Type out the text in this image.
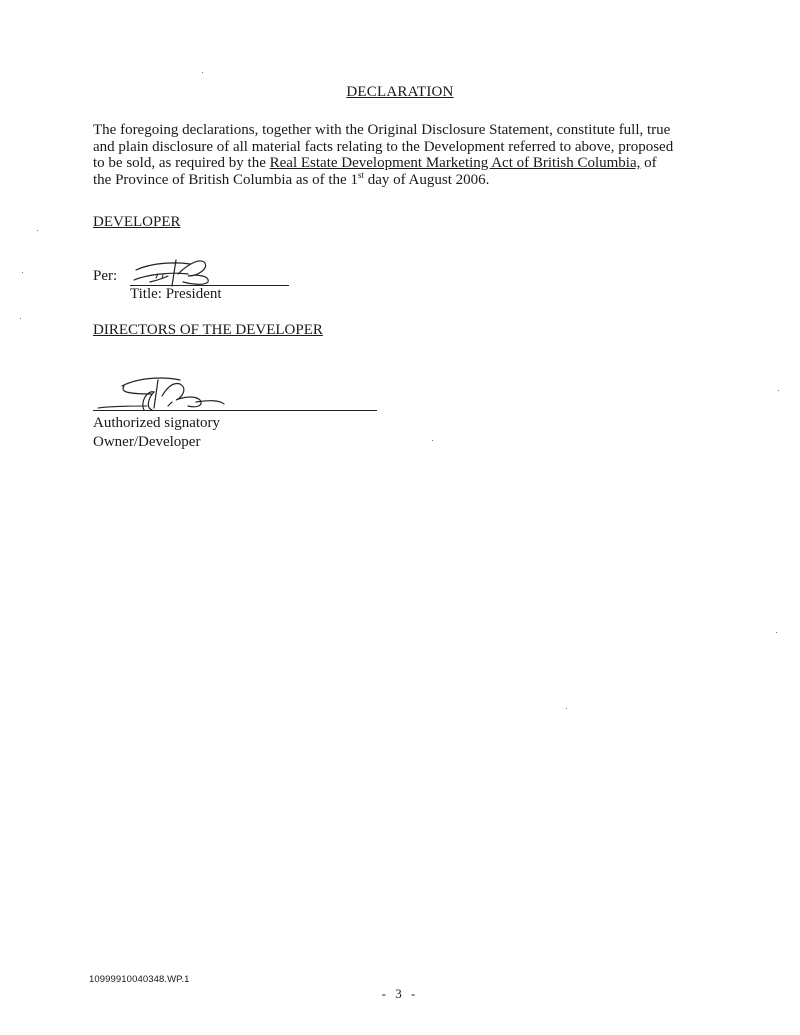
DECLARATION
The foregoing declarations, together with the Original Disclosure Statement, constitute full, true
and plain disclosure of all material facts relating to the Development referred to above, proposed
to be sold, as required by the Real Estate Development Marketing Act of British Columbia, of
the Province of British Columbia as of the 1st day of August 2006.
DEVELOPER
Per:
Title: President
DIRECTORS OF THE DEVELOPER
Authorized signatory
Owner/Developer
10999910040348.WP.1
- 3 -
